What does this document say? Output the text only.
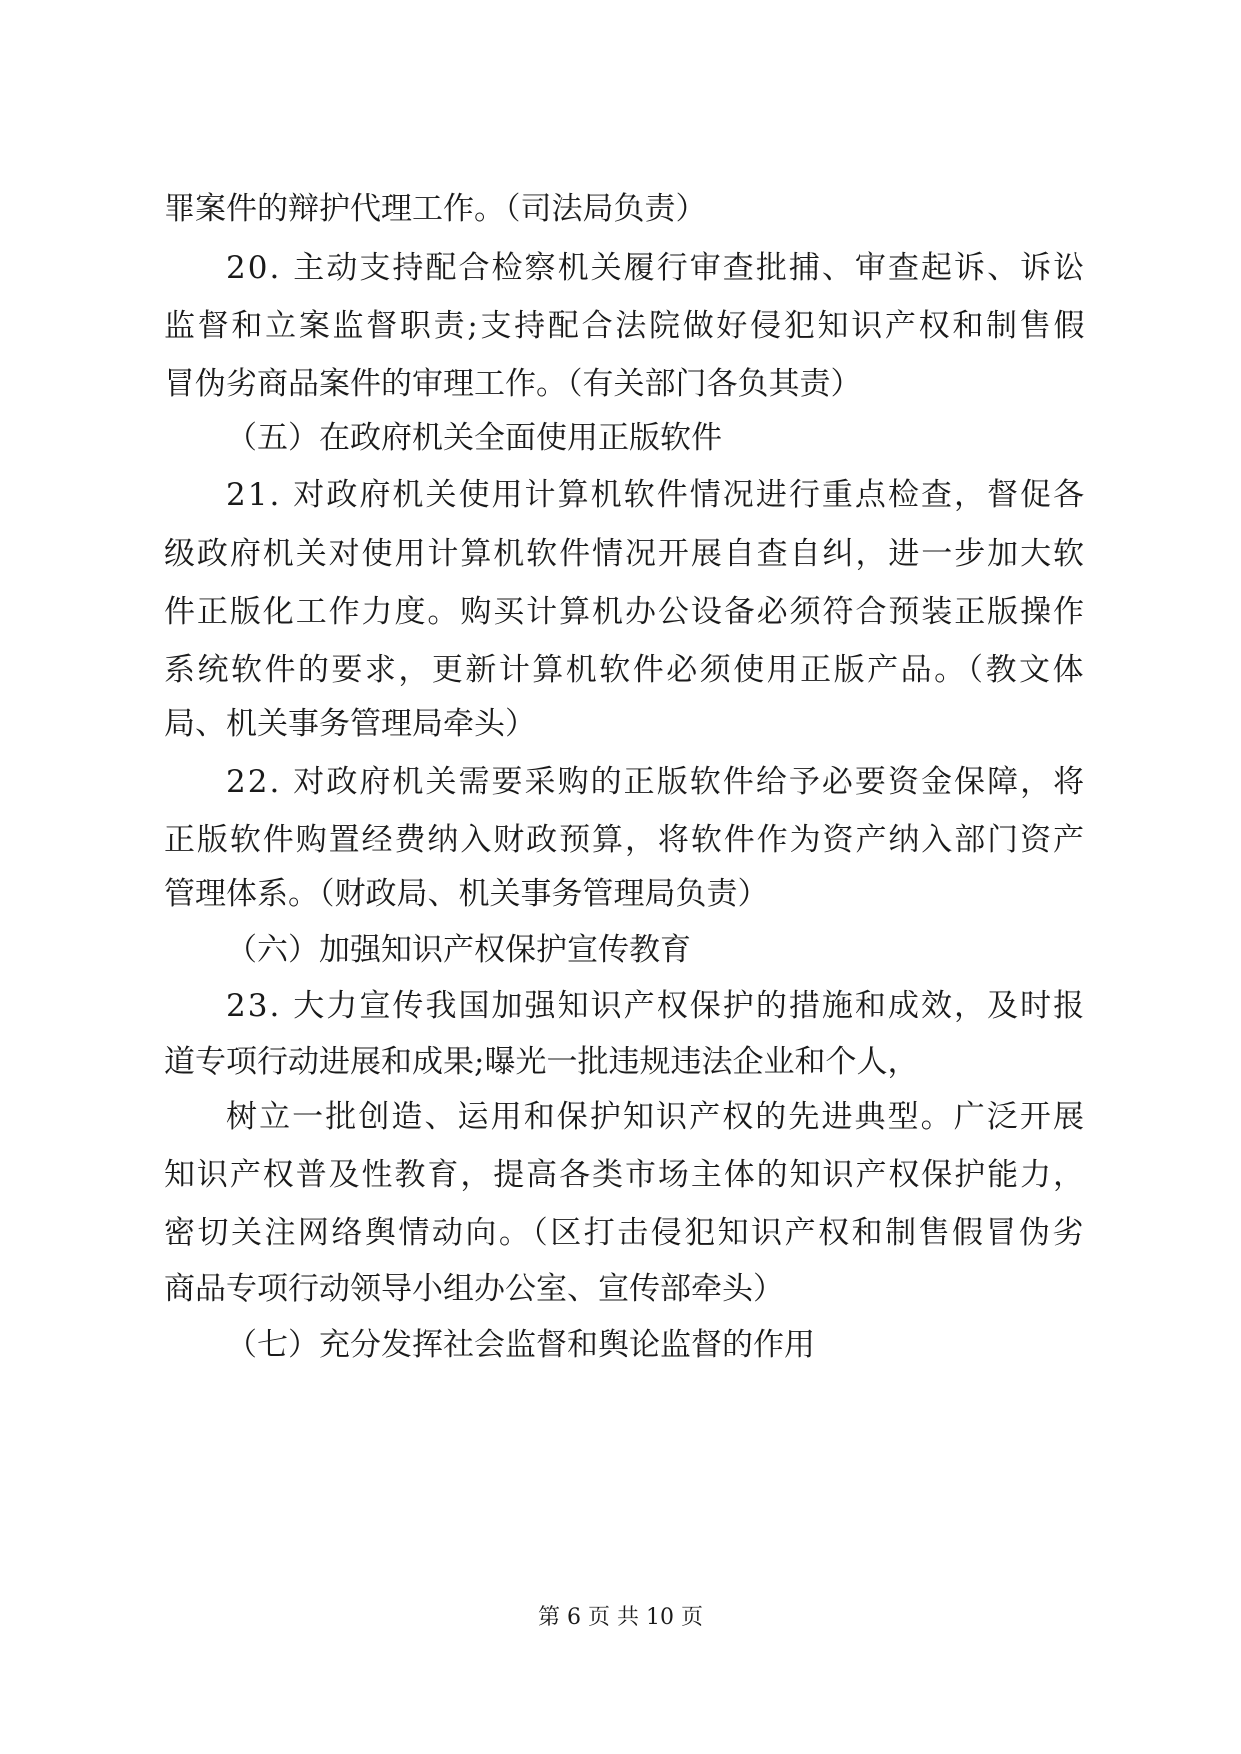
罪案件的辩护代理工作。（司法局负责）
20. 主动支持配合检察机关履行审查批捕、审查起诉、诉讼
监督和立案监督职责;支持配合法院做好侵犯知识产权和制售假
冒伪劣商品案件的审理工作。（有关部门各负其责）
（五）在政府机关全面使用正版软件
21. 对政府机关使用计算机软件情况进行重点检查，督促各
级政府机关对使用计算机软件情况开展自查自纠，进一步加大软
件正版化工作力度。购买计算机办公设备必须符合预装正版操作
系统软件的要求，更新计算机软件必须使用正版产品。（教文体
局、机关事务管理局牵头）
22. 对政府机关需要采购的正版软件给予必要资金保障，将
正版软件购置经费纳入财政预算，将软件作为资产纳入部门资产
管理体系。（财政局、机关事务管理局负责）
（六）加强知识产权保护宣传教育
23. 大力宣传我国加强知识产权保护的措施和成效，及时报
道专项行动进展和成果;曝光一批违规违法企业和个人，
树立一批创造、运用和保护知识产权的先进典型。广泛开展
知识产权普及性教育，提高各类市场主体的知识产权保护能力，
密切关注网络舆情动向。（区打击侵犯知识产权和制售假冒伪劣
商品专项行动领导小组办公室、宣传部牵头）
（七）充分发挥社会监督和舆论监督的作用
第 6 页 共 10 页
